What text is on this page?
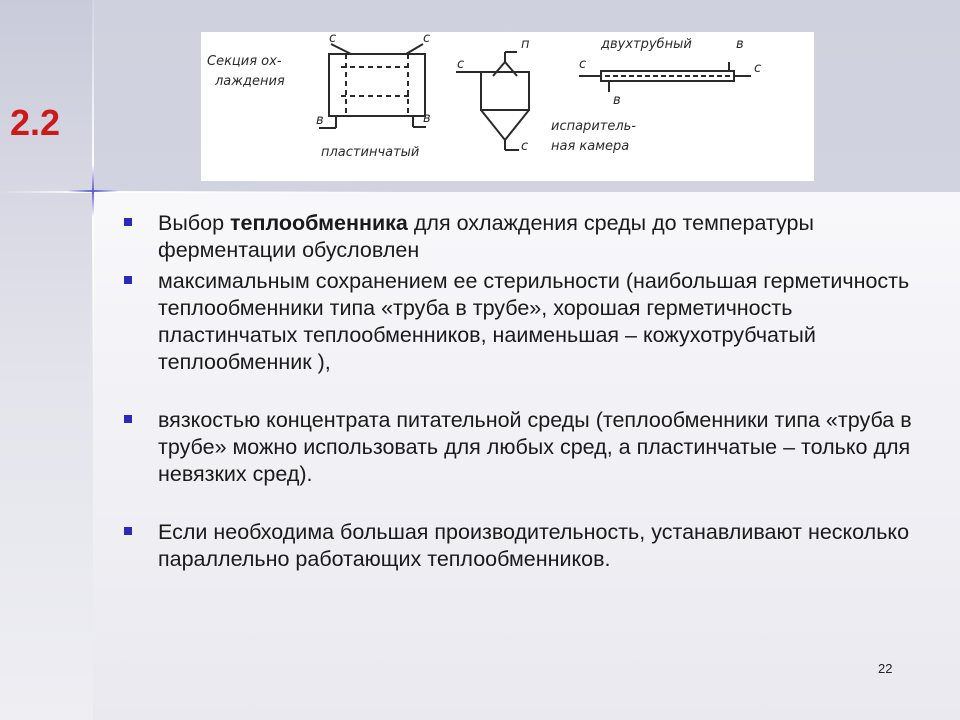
2.2
Секция ох-
лаждения
с	с
в	в
пластинчатый
с
п
с
двухтрубный	в
с	с
в
испаритель-
ная камера
Выбор теплообменника для охлаждения среды до температуры ферментации обусловлен
максимальным сохранением ее стерильности (наибольшая герметичность теплообменники типа «труба в трубе», хорошая герметичность пластинчатых теплообменников, наименьшая – кожухотрубчатый теплообменник ),
вязкостью концентрата питательной среды (теплообменники типа «труба в трубе» можно использовать для любых сред, а пластинчатые – только для невязких сред).
Если необходима большая производительность, устанавливают несколько параллельно работающих теплообменников.
22
